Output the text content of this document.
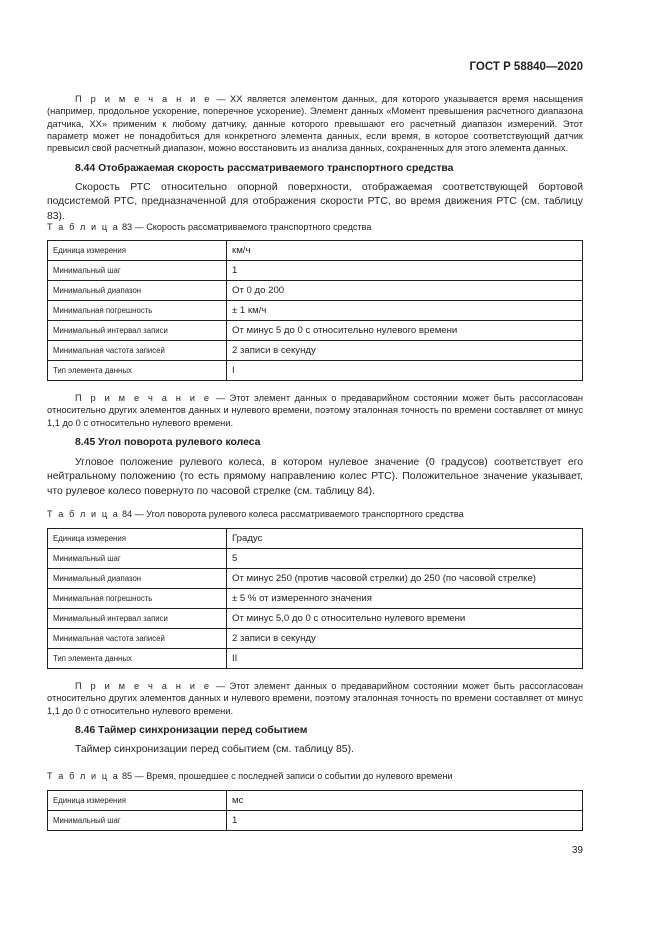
ГОСТ Р 58840—2020
П р и м е ч а н и е — XX является элементом данных, для которого указывается время насыщения (например, продольное ускорение, поперечное ускорение). Элемент данных «Момент превышения расчетного диапазона датчика, XX» применим к любому датчику, данные которого превышают его расчетный диапазон измерений. Этот параметр может не понадобиться для конкретного элемента данных, если время, в которое соответствующий датчик превысил свой расчетный диапазон, можно восстановить из анализа данных, сохраненных для этого элемента данных.
8.44 Отображаемая скорость рассматриваемого транспортного средства
Скорость РТС относительно опорной поверхности, отображаемая соответствующей бортовой подсистемой РТС, предназначенной для отображения скорости РТС, во время движения РТС (см. таблицу 83).
Т а б л и ц а 83 — Скорость рассматриваемого транспортного средства
Единица измерения	км/ч
Минимальный шаг	1
Минимальный диапазон	От 0 до 200
Минимальная погрешность	± 1 км/ч
Минимальный интервал записи	От минус 5 до 0 с относительно нулевого времени
Минимальная частота записей	2 записи в секунду
Тип элемента данных	I
П р и м е ч а н и е — Этот элемент данных о предаварийном состоянии может быть рассогласован относительно других элементов данных и нулевого времени, поэтому эталонная точность по времени составляет от минус 1,1 до 0 с относительно нулевого времени.
8.45 Угол поворота рулевого колеса
Угловое положение рулевого колеса, в котором нулевое значение (0 градусов) соответствует его нейтральному положению (то есть прямому направлению колес РТС). Положительное значение указывает, что рулевое колесо повернуто по часовой стрелке (см. таблицу 84).
Т а б л и ц а 84 — Угол поворота рулевого колеса рассматриваемого транспортного средства
Единица измерения	Градус
Минимальный шаг	5
Минимальный диапазон	От минус 250 (против часовой стрелки) до 250 (по часовой стрелке)
Минимальная погрешность	± 5 % от измеренного значения
Минимальный интервал записи	От минус 5,0 до 0 с относительно нулевого времени
Минимальная частота записей	2 записи в секунду
Тип элемента данных	II
П р и м е ч а н и е — Этот элемент данных о предаварийном состоянии может быть рассогласован относительно других элементов данных и нулевого времени, поэтому эталонная точность по времени составляет от минус 1,1 до 0 с относительно нулевого времени.
8.46 Таймер синхронизации перед событием
Таймер синхронизации перед событием (см. таблицу 85).
Т а б л и ц а 85 — Время, прошедшее с последней записи о событии до нулевого времени
Единица измерения	мс
Минимальный шаг	1
39
